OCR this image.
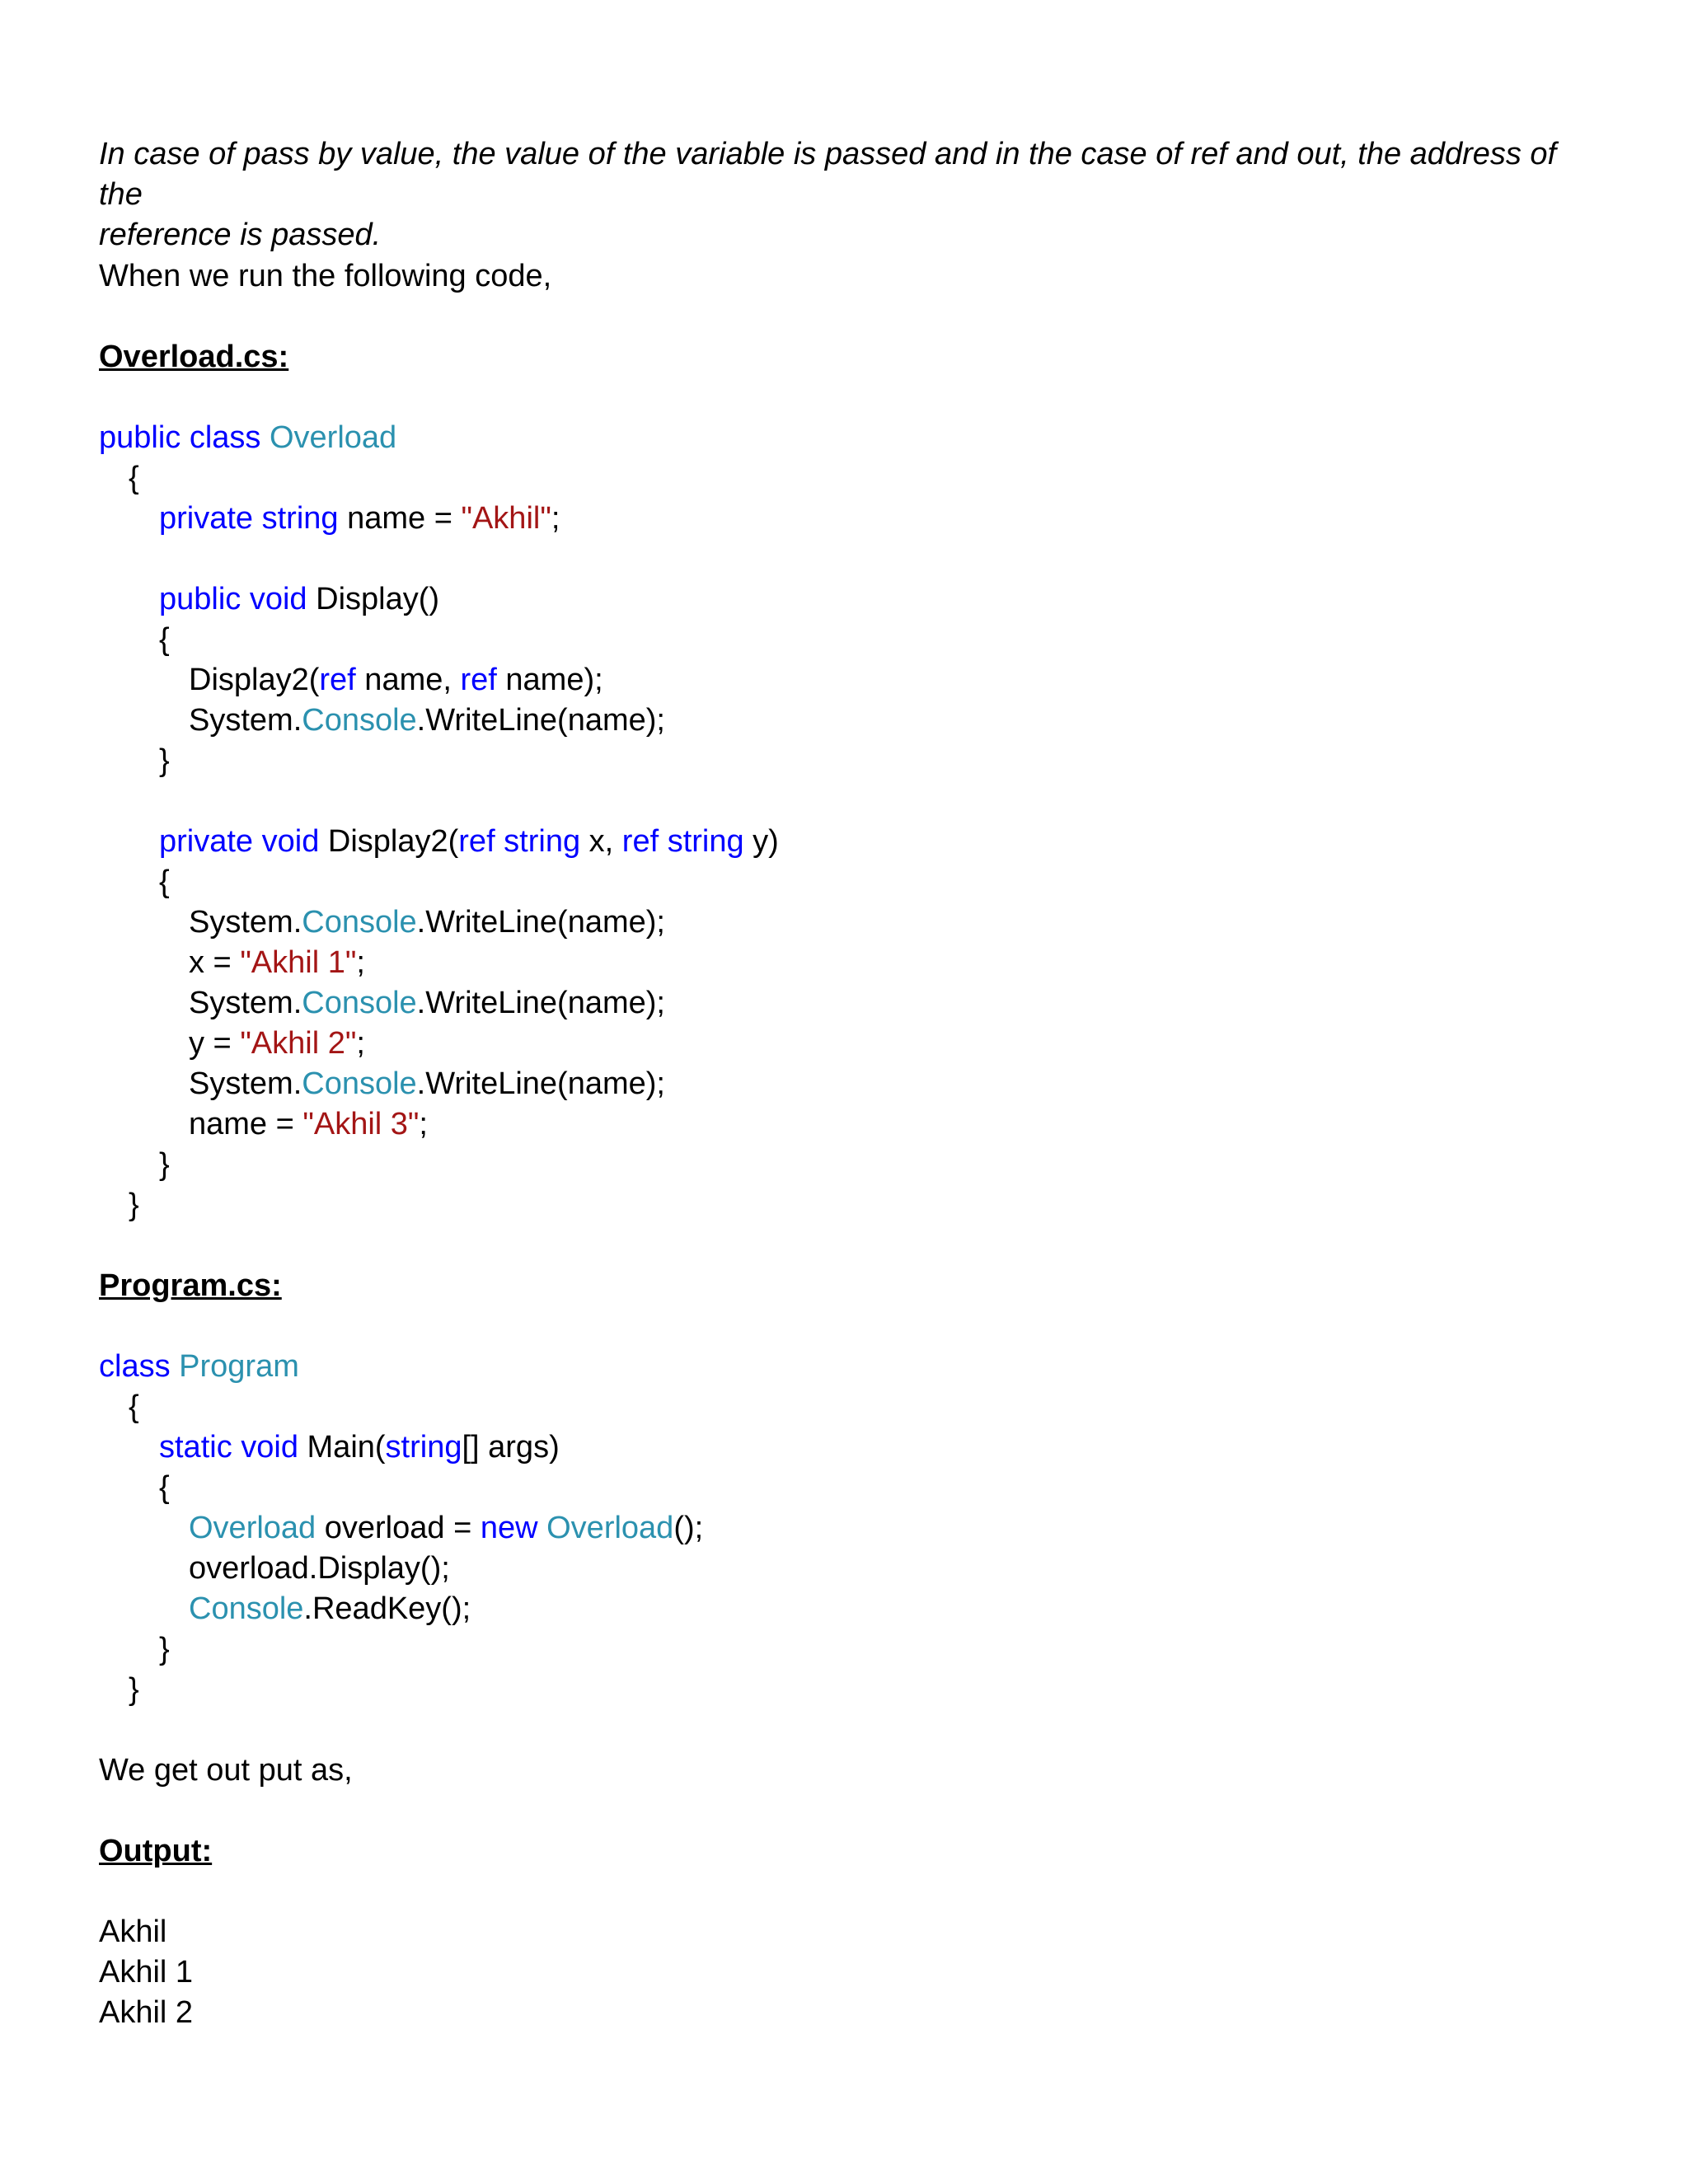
In case of pass by value, the value of the variable is passed and in the case of ref and out, the address of the
reference is passed.

When we run the following code,

Overload.cs:

public class Overload

{

private string name = "Akhil";

public void Display()

{

Display2(ref name, ref name);

System.Console.WriteLine(name);

}

private void Display2(ref string x, ref string y)

{

System.Console.WriteLine(name);

x = "Akhil 1";

System.Console.WriteLine(name);

y = "Akhil 2";

System.Console.WriteLine(name);

name = "Akhil 3";

}

}

Program.cs:

class Program

{

static void Main(string[] args)

{

Overload overload = new Overload();

overload.Display();

Console.ReadKey();

}

}

We get out put as,

Output:

Akhil

Akhil 1

Akhil 2
